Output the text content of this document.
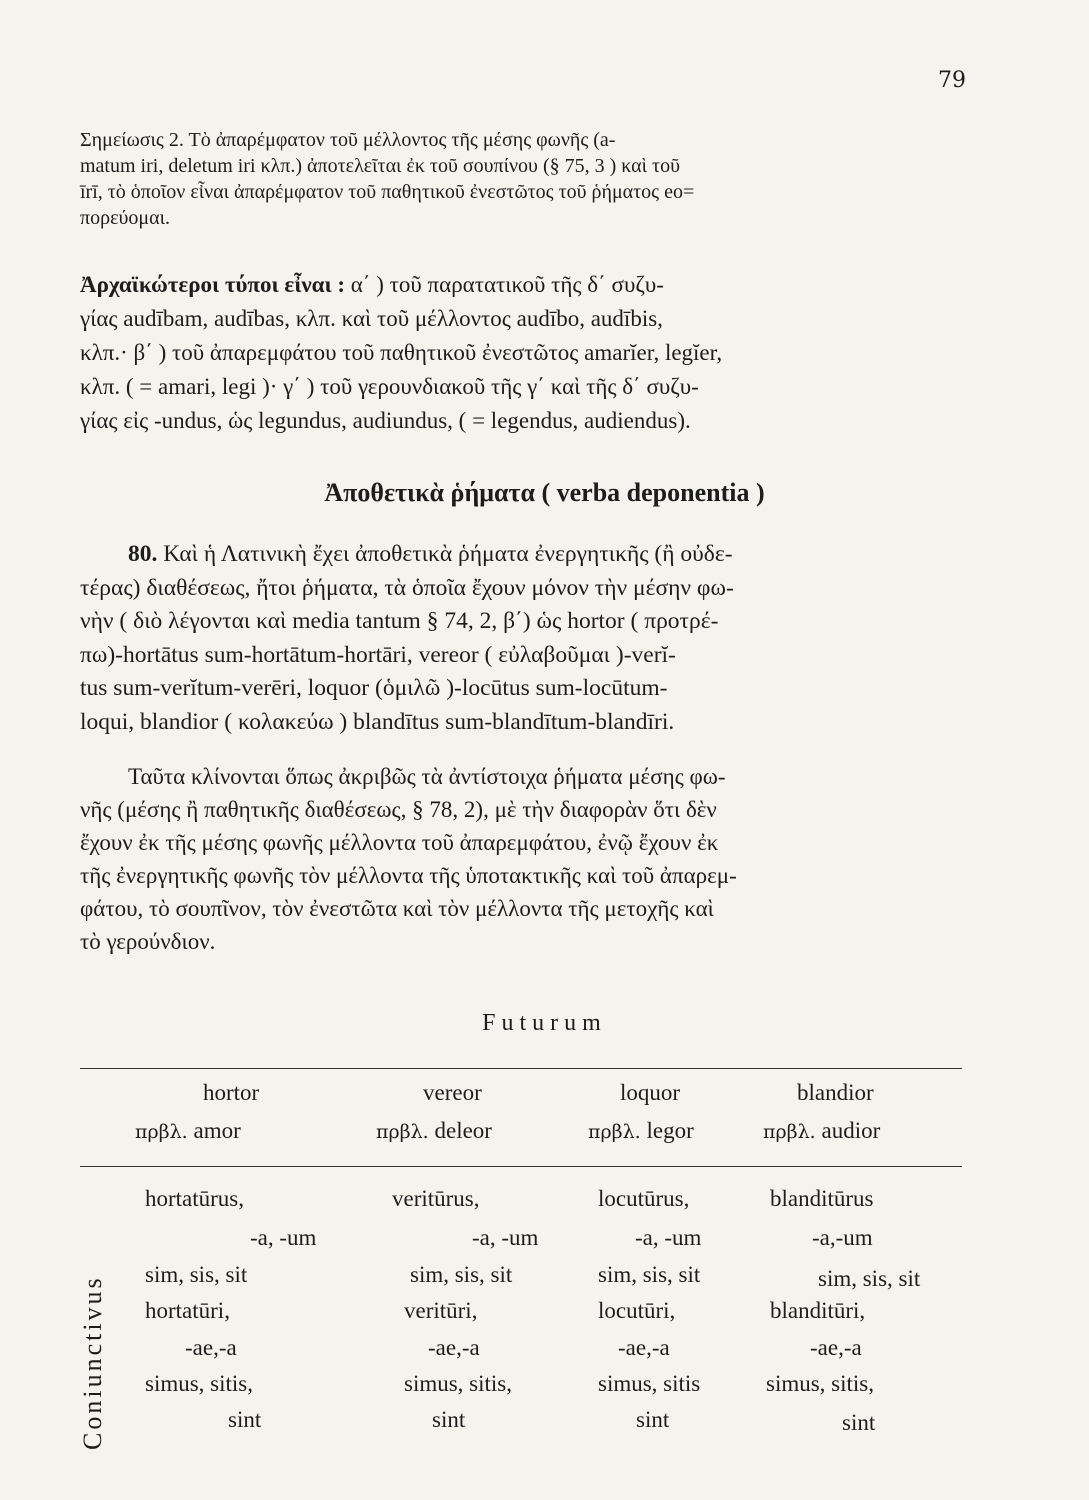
79
Σημείωσις 2. Τὸ ἀπαρέμφατον τοῦ μέλλοντος τῆς μέσης φωνῆς (a-
matum iri, deletum iri κλπ.) ἀποτελεῖται ἐκ τοῦ σουπίνου (§ 75, 3 ) καὶ τοῦ
īrī, τὸ ὁποῖον εἶναι ἀπαρέμφατον τοῦ παθητικοῦ ἐνεστῶτος τοῦ ῥήματος eo=
πορεύομαι.
Ἀρχαϊκώτεροι τύποι εἶναι : α΄ ) τοῦ παρατατικοῦ τῆς δ΄ συζυ-
γίας audībam, audības, κλπ. καὶ τοῦ μέλλοντος audībo, audībis,
κλπ.· β΄ ) τοῦ ἀπαρεμφάτου τοῦ παθητικοῦ ἐνεστῶτος amarĭer, legĭer,
κλπ. ( = amari, legi )· γ΄ ) τοῦ γερουνδιακοῦ τῆς γ΄ καὶ τῆς δ΄ συζυ-
γίας εἰς -undus, ὡς legundus, audiundus, ( = legendus, audiendus).
Ἀποθετικὰ ῥήματα ( verba deponentia )
80. Καὶ ἡ Λατινικὴ ἔχει ἀποθετικὰ ῥήματα ἐνεργητικῆς (ἢ οὐδε-
τέρας) διαθέσεως, ἤτοι ῥήματα, τὰ ὁποῖα ἔχουν μόνον τὴν μέσην φω-
νὴν ( διὸ λέγονται καὶ media tantum § 74, 2, β΄) ὡς hortor ( προτρέ-
πω)-hortātus sum-hortātum-hortāri, vereor ( εὐλαβοῦμαι )-verĭ-
tus sum-verĭtum-verēri, loquor (ὁμιλῶ )-locūtus sum-locūtum-
loqui, blandior ( κολακεύω ) blandītus sum-blandītum-blandīri.
Ταῦτα κλίνονται ὅπως ἀκριβῶς τὰ ἀντίστοιχα ῥήματα μέσης φω-
νῆς (μέσης ἢ παθητικῆς διαθέσεως, § 78, 2), μὲ τὴν διαφορὰν ὅτι δὲν
ἔχουν ἐκ τῆς μέσης φωνῆς μέλλοντα τοῦ ἀπαρεμφάτου, ἐνῷ ἔχουν ἐκ
τῆς ἐνεργητικῆς φωνῆς τὸν μέλλοντα τῆς ὑποτακτικῆς καὶ τοῦ ἀπαρεμ-
φάτου, τὸ σουπῖνον, τὸν ἐνεστῶτα καὶ τὸν μέλλοντα τῆς μετοχῆς καὶ
τὸ γερούνδιον.
Futurum
hortor	vereor	loquor	blandior
πρβλ. amor	πρβλ. deleor	πρβλ. legor	πρβλ. audior
Coniunctivus
hortatūrus,	veritūrus,	locutūrus,	blanditūrus
-a, -um	-a, -um	-a, -um	-a,-um
sim, sis, sit	sim, sis, sit	sim, sis, sit	sim, sis, sit
hortatūri,	veritūri,	locutūri,	blanditūri,
-ae,-a	-ae,-a	-ae,-a	-ae,-a
simus, sitis,	simus, sitis,	simus, sitis	simus, sitis,
sint	sint	sint	sint
